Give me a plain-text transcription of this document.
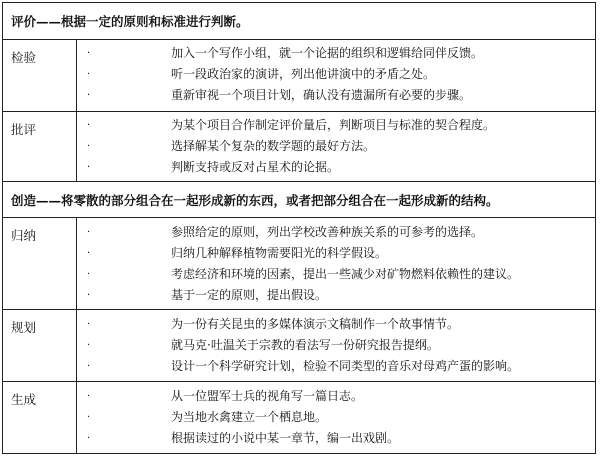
评价——根据一定的原则和标准进行判断。
检验	·	加入一个写作小组，就一个论据的组织和逻辑给同伴反馈。
·	听一段政治家的演讲，列出他讲演中的矛盾之处。
·	重新审视一个项目计划，确认没有遗漏所有必要的步骤。
批评	·	为某个项目合作制定评价量后，判断项目与标准的契合程度。
·	选择解某个复杂的数学题的最好方法。
·	判断支持或反对占星术的论据。
创造——将零散的部分组合在一起形成新的东西，或者把部分组合在一起形成新的结构。
归纳	·	参照给定的原则，列出学校改善种族关系的可参考的选择。
·	归纳几种解释植物需要阳光的科学假设。
·	考虑经济和环境的因素，提出一些减少对矿物燃料依赖性的建议。
·	基于一定的原则，提出假设。
规划	·	为一份有关昆虫的多媒体演示文稿制作一个故事情节。
·	就马克·吐温关于宗教的看法写一份研究报告提纲。
·	设计一个科学研究计划，检验不同类型的音乐对母鸡产蛋的影响。
生成	·	从一位盟军士兵的视角写一篇日志。
·	为当地水禽建立一个栖息地。
·	根据读过的小说中某一章节，编一出戏剧。
